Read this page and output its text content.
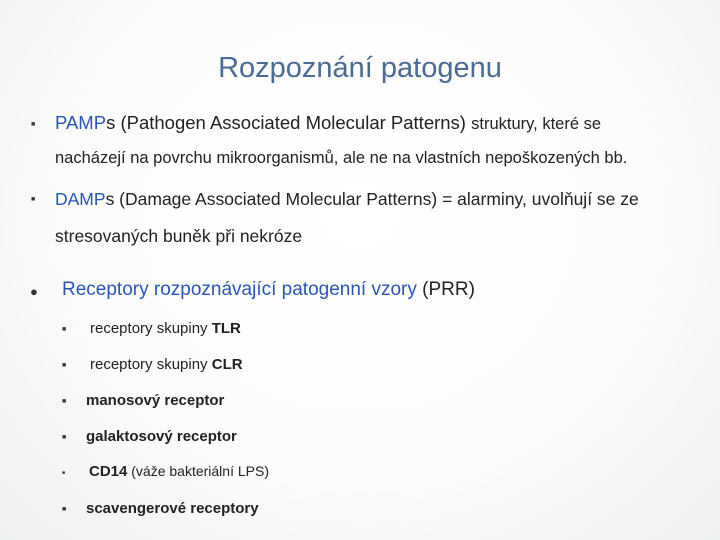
Rozpoznání patogenu
■ PAMPs (Pathogen Associated Molecular Patterns) struktury, které se
nacházejí na povrchu mikroorganismů, ale ne na vlastních nepoškozených bb.
■ DAMPs (Damage Associated Molecular Patterns) = alarminy, uvolňují se ze
stresovaných buněk při nekróze
● Receptory rozpoznávající patogenní vzory (PRR)
■ receptory skupiny TLR
■ receptory skupiny CLR
■ manosový receptor
■ galaktosový receptor
■ CD14 (váže bakteriální LPS)
■ scavengerové receptory
